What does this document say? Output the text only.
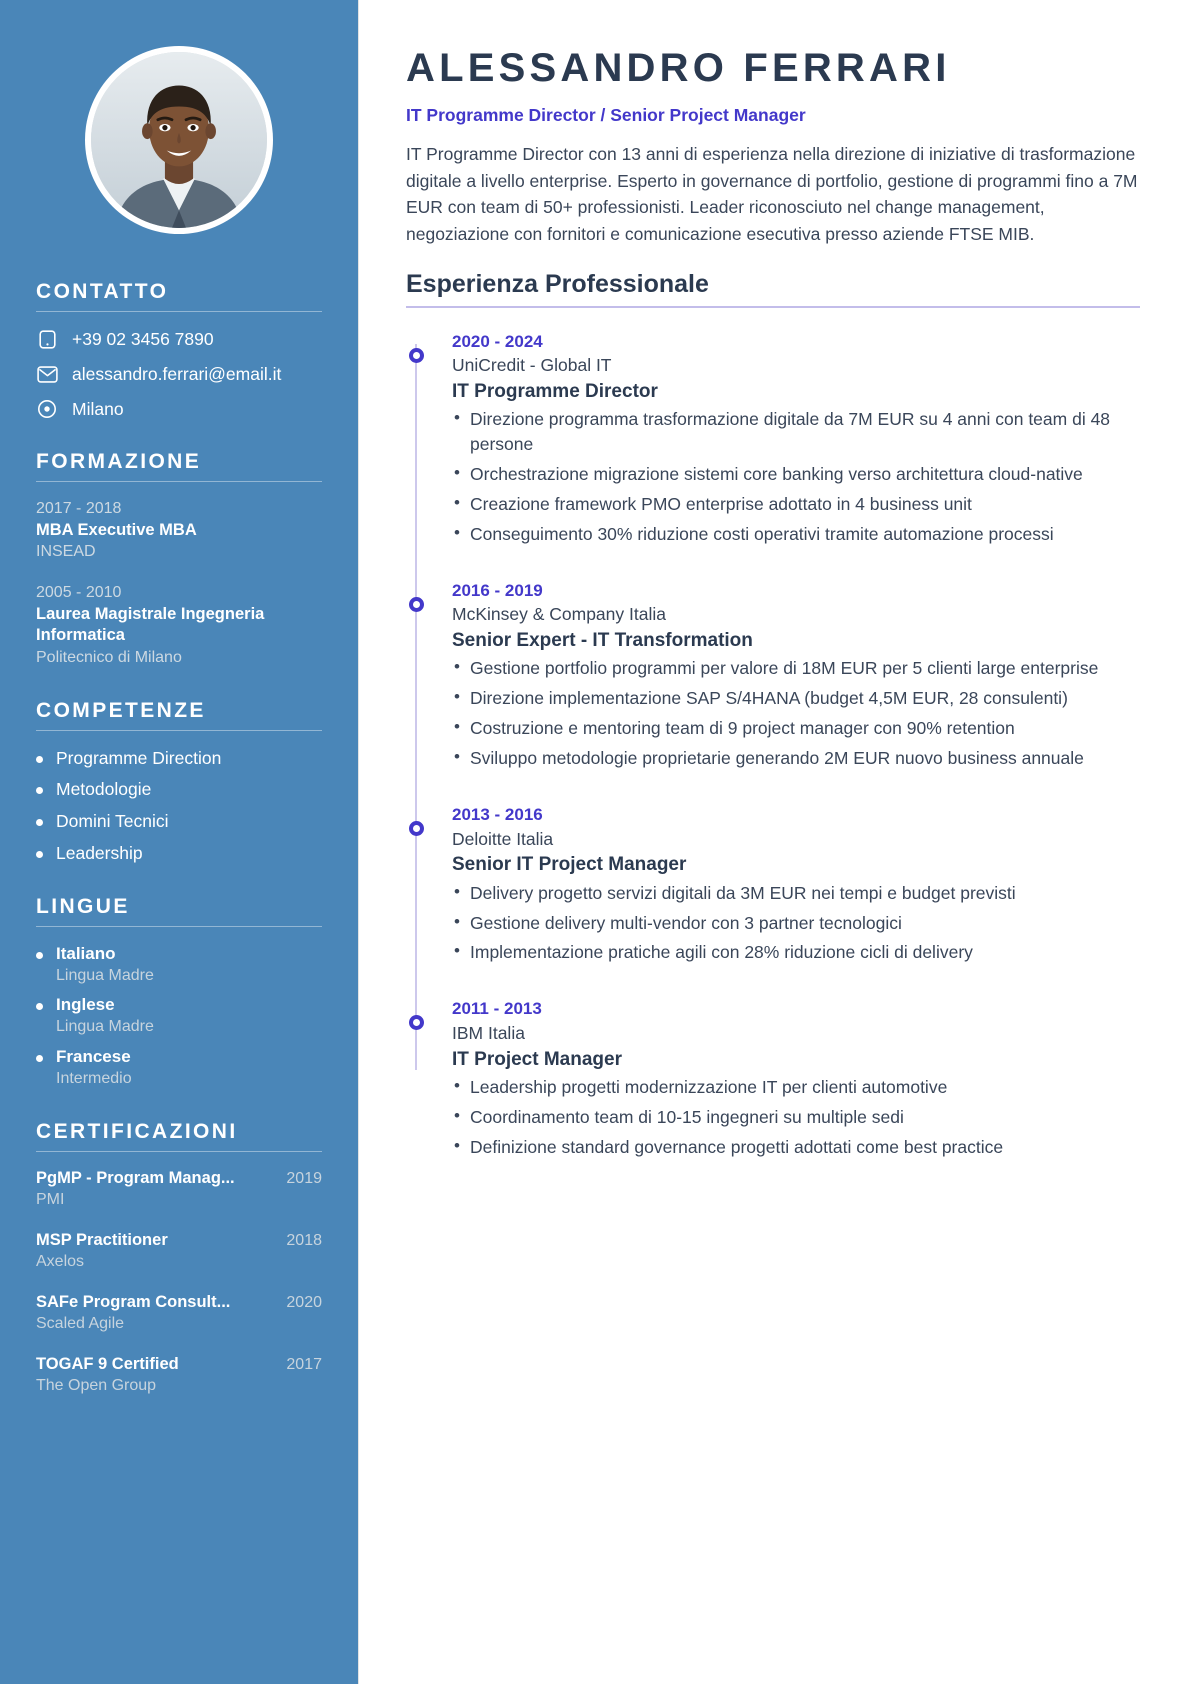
CONTATTO
+39 02 3456 7890
alessandro.ferrari@email.it
Milano
FORMAZIONE
2017 - 2018
MBA Executive MBA
INSEAD
2005 - 2010
Laurea Magistrale Ingegneria Informatica
Politecnico di Milano
COMPETENZE
Programme Direction
Metodologie
Domini Tecnici
Leadership
LINGUE
Italiano
Lingua Madre
Inglese
Lingua Madre
Francese
Intermedio
CERTIFICAZIONI
PgMP - Program Manag...	2019
PMI
MSP Practitioner	2018
Axelos
SAFe Program Consult...	2020
Scaled Agile
TOGAF 9 Certified	2017
The Open Group
ALESSANDRO FERRARI
IT Programme Director / Senior Project Manager

IT Programme Director con 13 anni di esperienza nella direzione di iniziative di trasformazione digitale a livello enterprise. Esperto in governance di portfolio, gestione di programmi fino a 7M EUR con team di 50+ professionisti. Leader riconosciuto nel change management, negoziazione con fornitori e comunicazione esecutiva presso aziende FTSE MIB.

Esperienza Professionale
2020 - 2024
UniCredit - Global IT
IT Programme Director
• Direzione programma trasformazione digitale da 7M EUR su 4 anni con team di 48 persone
• Orchestrazione migrazione sistemi core banking verso architettura cloud-native
• Creazione framework PMO enterprise adottato in 4 business unit
• Conseguimento 30% riduzione costi operativi tramite automazione processi
2016 - 2019
McKinsey & Company Italia
Senior Expert - IT Transformation
• Gestione portfolio programmi per valore di 18M EUR per 5 clienti large enterprise
• Direzione implementazione SAP S/4HANA (budget 4,5M EUR, 28 consulenti)
• Costruzione e mentoring team di 9 project manager con 90% retention
• Sviluppo metodologie proprietarie generando 2M EUR nuovo business annuale
2013 - 2016
Deloitte Italia
Senior IT Project Manager
• Delivery progetto servizi digitali da 3M EUR nei tempi e budget previsti
• Gestione delivery multi-vendor con 3 partner tecnologici
• Implementazione pratiche agili con 28% riduzione cicli di delivery
2011 - 2013
IBM Italia
IT Project Manager
• Leadership progetti modernizzazione IT per clienti automotive
• Coordinamento team di 10-15 ingegneri su multiple sedi
• Definizione standard governance progetti adottati come best practice
